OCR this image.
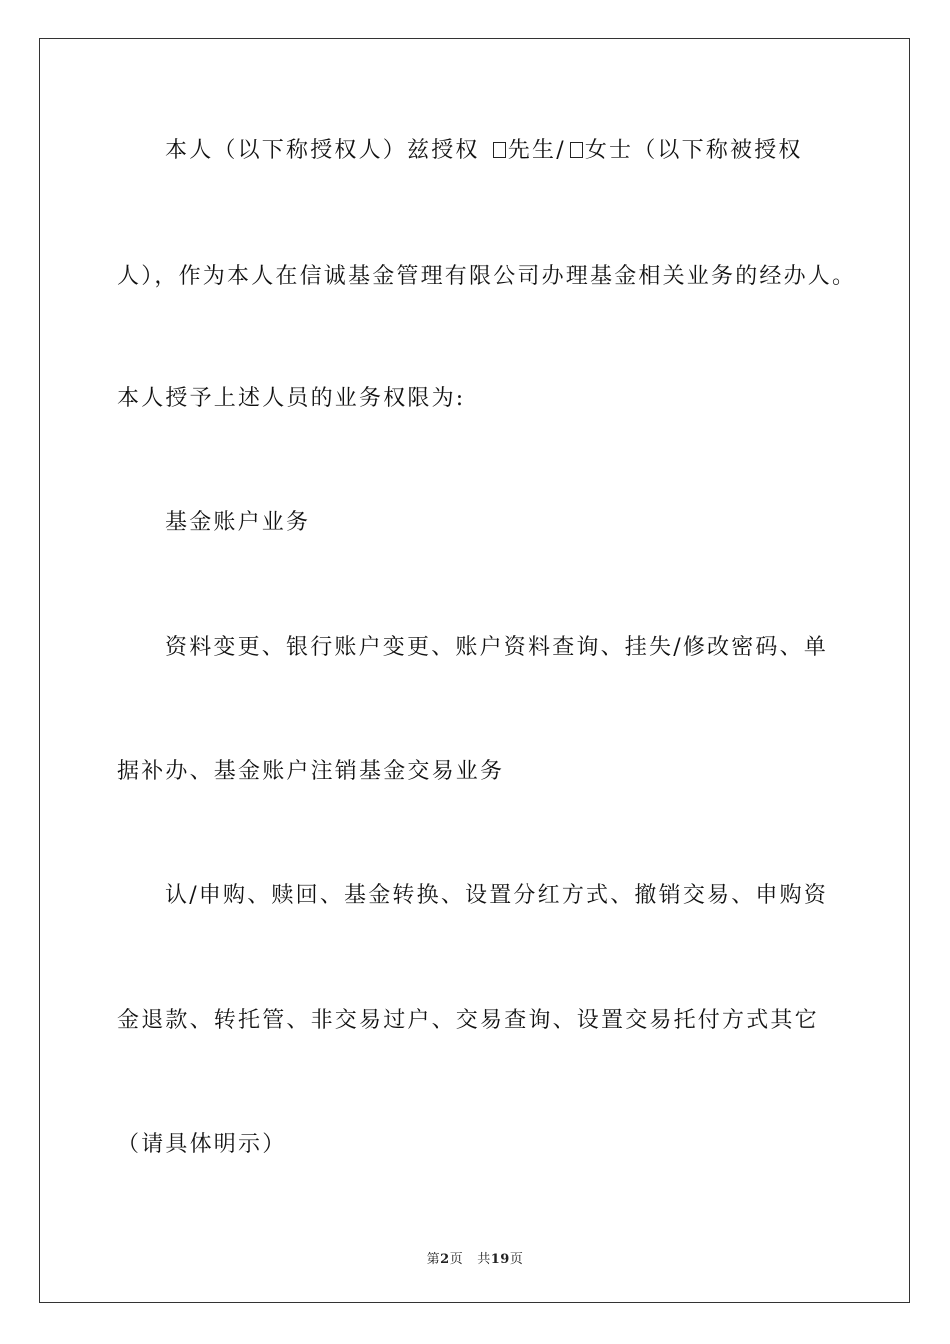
本人（以下称授权人）兹授权 先生/ 女士（以下称被授权
人），作为本人在信诚基金管理有限公司办理基金相关业务的经办人。
本人授予上述人员的业务权限为:
基金账户业务
资料变更、银行账户变更、账户资料查询、挂失/修改密码、单
据补办、基金账户注销基金交易业务
认/申购、赎回、基金转换、设置分红方式、撤销交易、申购资
金退款、转托管、非交易过户、交易查询、设置交易托付方式其它
（请具体明示）
第2页 共19页
